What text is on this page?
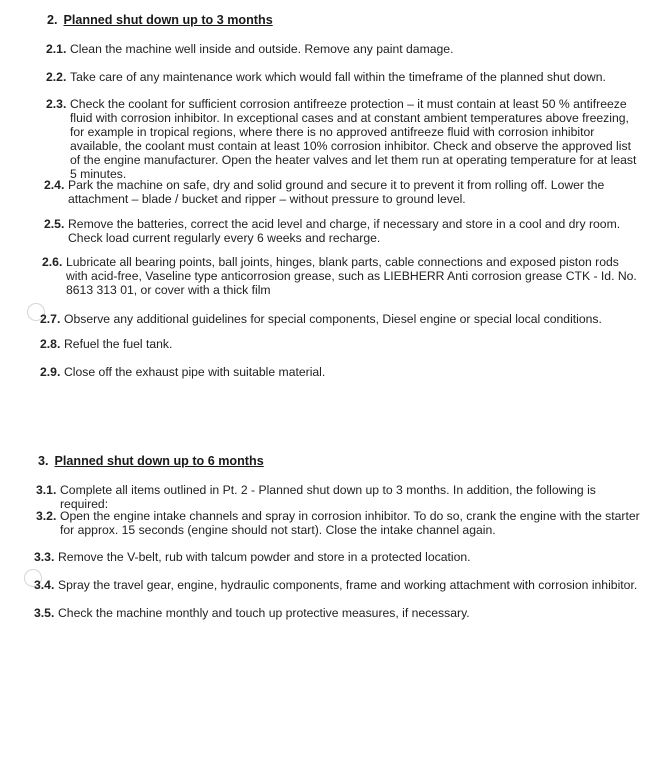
2. Planned shut down up to 3 months
2.1. Clean the machine well inside and outside. Remove any paint damage.
2.2. Take care of any maintenance work which would fall within the timeframe of the planned shut down.
2.3. Check the coolant for sufficient corrosion antifreeze protection – it must contain at least 50 % antifreeze fluid with corrosion inhibitor. In exceptional cases and at constant ambient temperatures above freezing, for example in tropical regions, where there is no approved antifreeze fluid with corrosion inhibitor available, the coolant must contain at least 10% corrosion inhibitor. Check and observe the approved list of the engine manufacturer. Open the heater valves and let them run at operating temperature for at least 5 minutes.
2.4. Park the machine on safe, dry and solid ground and secure it to prevent it from rolling off. Lower the attachment – blade / bucket and ripper – without pressure to ground level.
2.5. Remove the batteries, correct the acid level and charge, if necessary and store in a cool and dry room. Check load current regularly every 6 weeks and recharge.
2.6. Lubricate all bearing points, ball joints, hinges, blank parts, cable connections and exposed piston rods with acid-free, Vaseline type anticorrosion grease, such as LIEBHERR Anti corrosion grease CTK - Id. No. 8613 313 01, or cover with a thick film
2.7. Observe any additional guidelines for special components, Diesel engine or special local conditions.
2.8. Refuel the fuel tank.
2.9. Close off the exhaust pipe with suitable material.
3. Planned shut down up to 6 months
3.1. Complete all items outlined in Pt. 2 - Planned shut down up to 3 months. In addition, the following is required:
3.2. Open the engine intake channels and spray in corrosion inhibitor. To do so, crank the engine with the starter for approx. 15 seconds (engine should not start). Close the intake channel again.
3.3. Remove the V-belt, rub with talcum powder and store in a protected location.
3.4. Spray the travel gear, engine, hydraulic components, frame and working attachment with corrosion inhibitor.
3.5. Check the machine monthly and touch up protective measures, if necessary.
